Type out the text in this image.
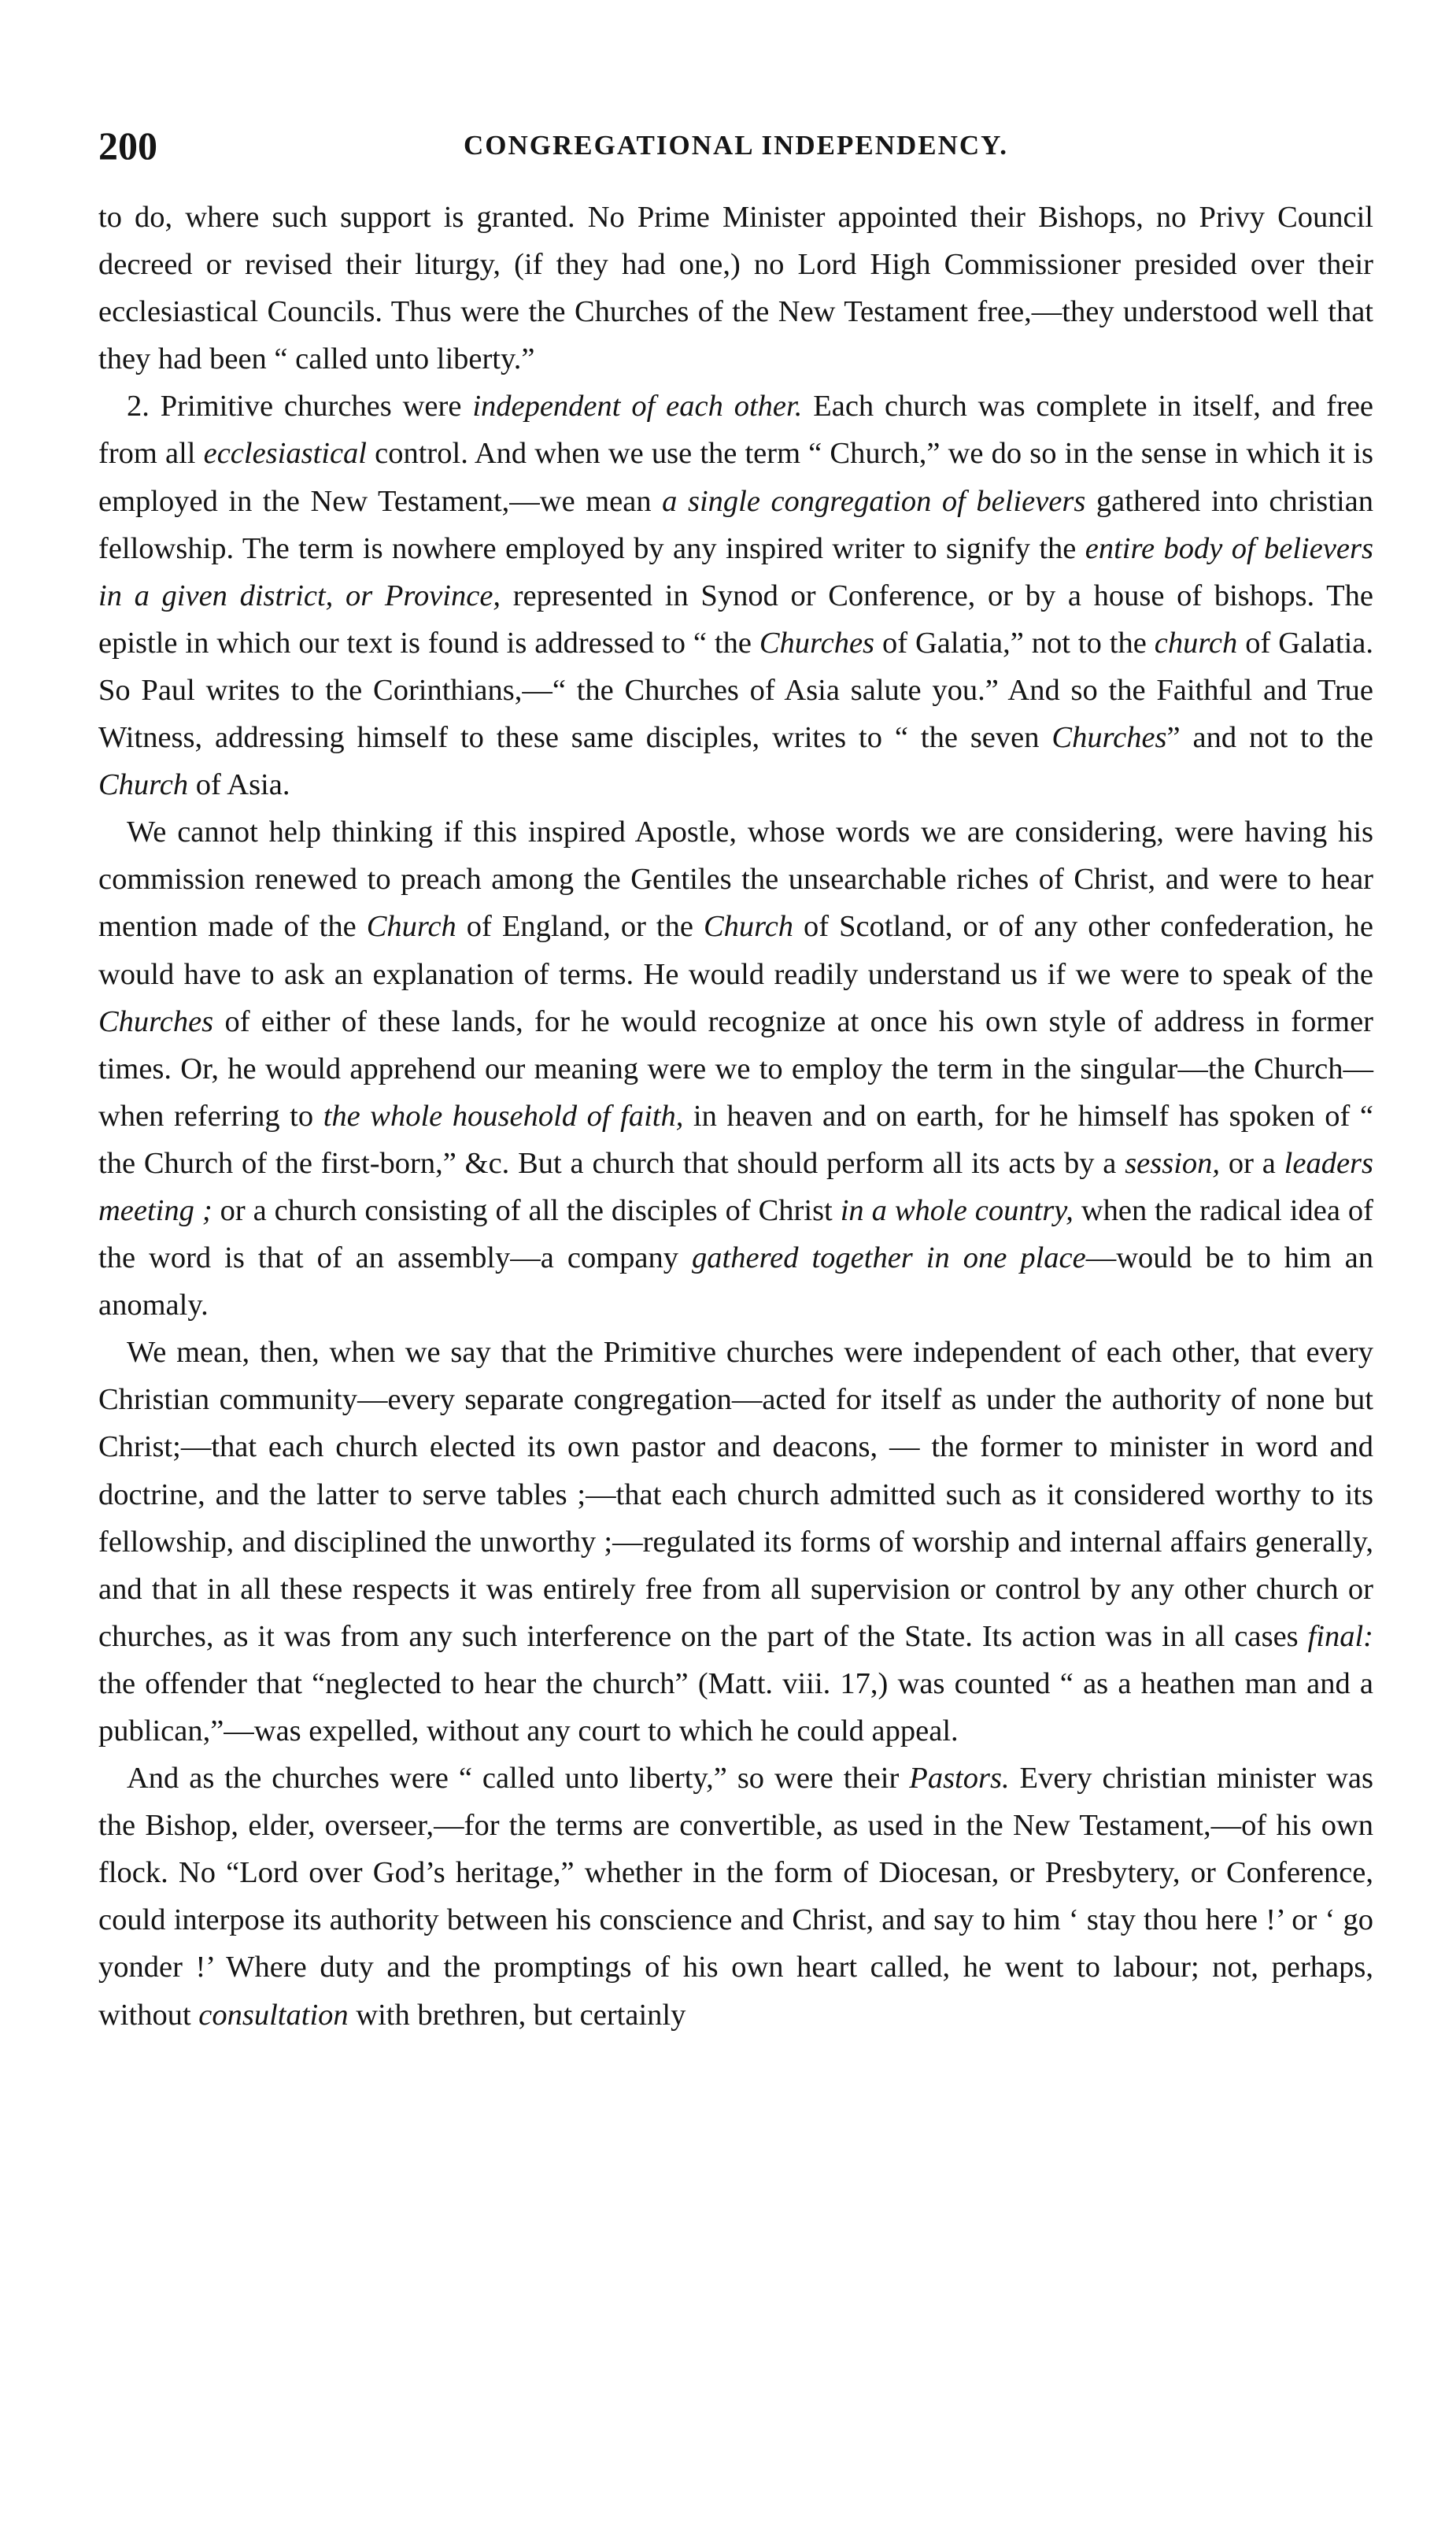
200	CONGREGATIONAL INDEPENDENCY.

to do, where such support is granted. No Prime Minister appointed their Bishops, no Privy Council decreed or revised their liturgy, (if they had one,) no Lord High Commissioner presided over their ecclesiastical Councils. Thus were the Churches of the New Testament free,—they understood well that they had been “ called unto liberty.”

2. Primitive churches were independent of each other. Each church was complete in itself, and free from all ecclesiastical control. And when we use the term “ Church,” we do so in the sense in which it is employed in the New Testament,—we mean a single congregation of believers gathered into christian fellowship. The term is nowhere employed by any inspired writer to signify the entire body of believers in a given district, or Province, represented in Synod or Conference, or by a house of bishops. The epistle in which our text is found is addressed to “ the Churches of Galatia,” not to the church of Galatia. So Paul writes to the Corinthians,—“ the Churches of Asia salute you.” And so the Faithful and True Witness, addressing himself to these same disciples, writes to “ the seven Churches” and not to the Church of Asia.

We cannot help thinking if this inspired Apostle, whose words we are considering, were having his commission renewed to preach among the Gentiles the unsearchable riches of Christ, and were to hear mention made of the Church of England, or the Church of Scotland, or of any other confederation, he would have to ask an explanation of terms. He would readily understand us if we were to speak of the Churches of either of these lands, for he would recognize at once his own style of address in former times. Or, he would apprehend our meaning were we to employ the term in the singular—the Church—when referring to the whole household of faith, in heaven and on earth, for he himself has spoken of “ the Church of the first-born,” &c. But a church that should perform all its acts by a session, or a leaders meeting ; or a church consisting of all the disciples of Christ in a whole country, when the radical idea of the word is that of an assembly—a company gathered together in one place—would be to him an anomaly.

We mean, then, when we say that the Primitive churches were independent of each other, that every Christian community—every separate congregation—acted for itself as under the authority of none but Christ;—that each church elected its own pastor and deacons, — the former to minister in word and doctrine, and the latter to serve tables ;—that each church admitted such as it considered worthy to its fellowship, and disciplined the unworthy ;—regulated its forms of worship and internal affairs generally, and that in all these respects it was entirely free from all supervision or control by any other church or churches, as it was from any such interference on the part of the State. Its action was in all cases final: the offender that “neglected to hear the church” (Matt. viii. 17,) was counted “ as a heathen man and a publican,”—was expelled, without any court to which he could appeal.

And as the churches were “ called unto liberty,” so were their Pastors. Every christian minister was the Bishop, elder, overseer,—for the terms are convertible, as used in the New Testament,—of his own flock. No “Lord over God’s heritage,” whether in the form of Diocesan, or Presbytery, or Conference, could interpose its authority between his conscience and Christ, and say to him ‘ stay thou here !’ or ‘ go yonder !’ Where duty and the promptings of his own heart called, he went to labour; not, perhaps, without consultation with brethren, but certainly
